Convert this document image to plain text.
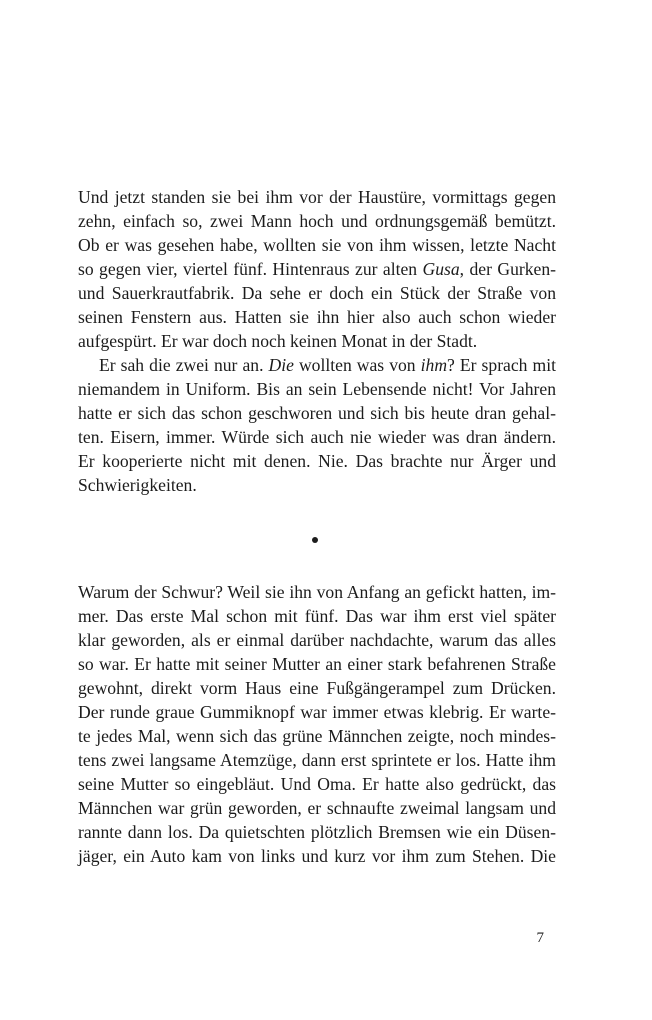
Und jetzt standen sie bei ihm vor der Haustüre, vormittags gegen
zehn, einfach so, zwei Mann hoch und ordnungsgemäß bemützt.
Ob er was gesehen habe, wollten sie von ihm wissen, letzte Nacht
so gegen vier, viertel fünf. Hintenraus zur alten Gusa, der Gurken-
und Sauerkrautfabrik. Da sehe er doch ein Stück der Straße von
seinen Fenstern aus. Hatten sie ihn hier also auch schon wieder
aufgespürt. Er war doch noch keinen Monat in der Stadt.
Er sah die zwei nur an. Die wollten was von ihm? Er sprach mit
niemandem in Uniform. Bis an sein Lebensende nicht! Vor Jahren
hatte er sich das schon geschworen und sich bis heute dran gehal-
ten. Eisern, immer. Würde sich auch nie wieder was dran ändern.
Er kooperierte nicht mit denen. Nie. Das brachte nur Ärger und
Schwierigkeiten.
Warum der Schwur? Weil sie ihn von Anfang an gefickt hatten, im-
mer. Das erste Mal schon mit fünf. Das war ihm erst viel später
klar geworden, als er einmal darüber nachdachte, warum das alles
so war. Er hatte mit seiner Mutter an einer stark befahrenen Straße
gewohnt, direkt vorm Haus eine Fußgängerampel zum Drücken.
Der runde graue Gummiknopf war immer etwas klebrig. Er warte-
te jedes Mal, wenn sich das grüne Männchen zeigte, noch mindes-
tens zwei langsame Atemzüge, dann erst sprintete er los. Hatte ihm
seine Mutter so eingebläut. Und Oma. Er hatte also gedrückt, das
Männchen war grün geworden, er schnaufte zweimal langsam und
rannte dann los. Da quietschten plötzlich Bremsen wie ein Düsen-
jäger, ein Auto kam von links und kurz vor ihm zum Stehen. Die
7
